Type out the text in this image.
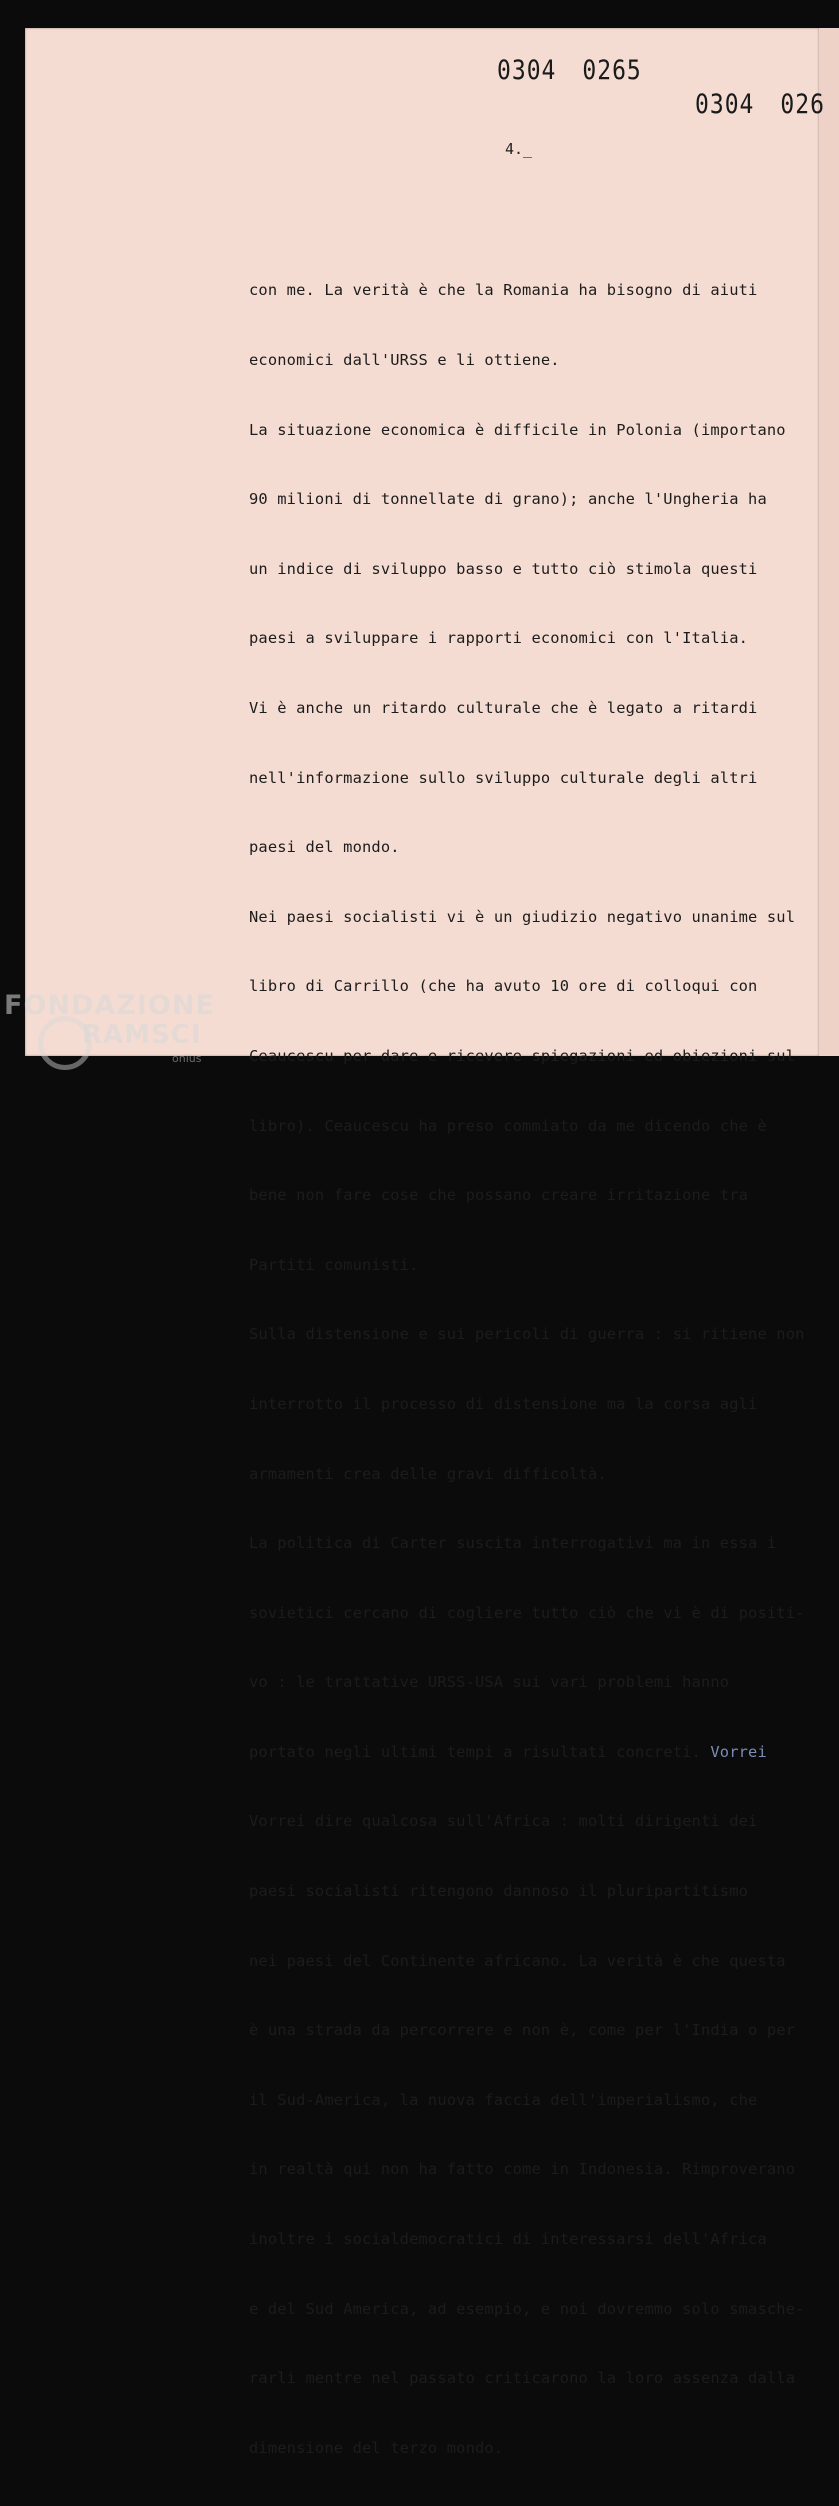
0304 0265
0304 026
4._

con me. La verità è che la Romania ha bisogno di aiuti

economici dall'URSS e li ottiene.

La situazione economica è difficile in Polonia (importano

90 milioni di tonnellate di grano); anche l'Ungheria ha

un indice di sviluppo basso e tutto ciò stimola questi

paesi a sviluppare i rapporti economici con l'Italia.

Vi è anche un ritardo culturale che è legato a ritardi

nell'informazione sullo sviluppo culturale degli altri

paesi del mondo.

Nei paesi socialisti vi è un giudizio negativo unanime sul

libro di Carrillo (che ha avuto 10 ore di colloqui con

Ceaucescu per dare e ricevere spiegazioni ed obiezioni sul

libro). Ceaucescu ha preso commiato da me dicendo che è

bene non fare cose che possano creare irritazione tra

Partiti comunisti.

Sulla distensione e sui pericoli di guerra : si ritiene non

interrotto il processo di distensione ma la corsa agli

armamenti crea delle gravi difficoltà.

La politica di Carter suscita interrogativi ma in essa i

sovietici cercano di cogliere tutto ciò che vi è di positi-

vo : le trattative URSS-USA sui vari problemi hanno

portato negli ultimi tempi a risultati concreti. Vorrei

Vorrei dire qualcosa sull'Africa : molti dirigenti dei

paesi socialisti ritengono dannoso il pluripartitismo

nei paesi del Continente africano. La verità è che questa

è una strada da percorrere e non è, come per l'India o per

il Sud-America, la nuova faccia dell'imperialismo, che

in realtà qui non ha fatto come in Indonesia. Rimproverano

inoltre i socialdemocratici di interessarsi dell'Africa

e del Sud America, ad esempio, e noi dovremmo solo smasche-

rarli mentre nel passato criticarono la loro assenza dalla

dimensione del terzo mondo.

FONDAZIONE
RAMSCI
onlus
